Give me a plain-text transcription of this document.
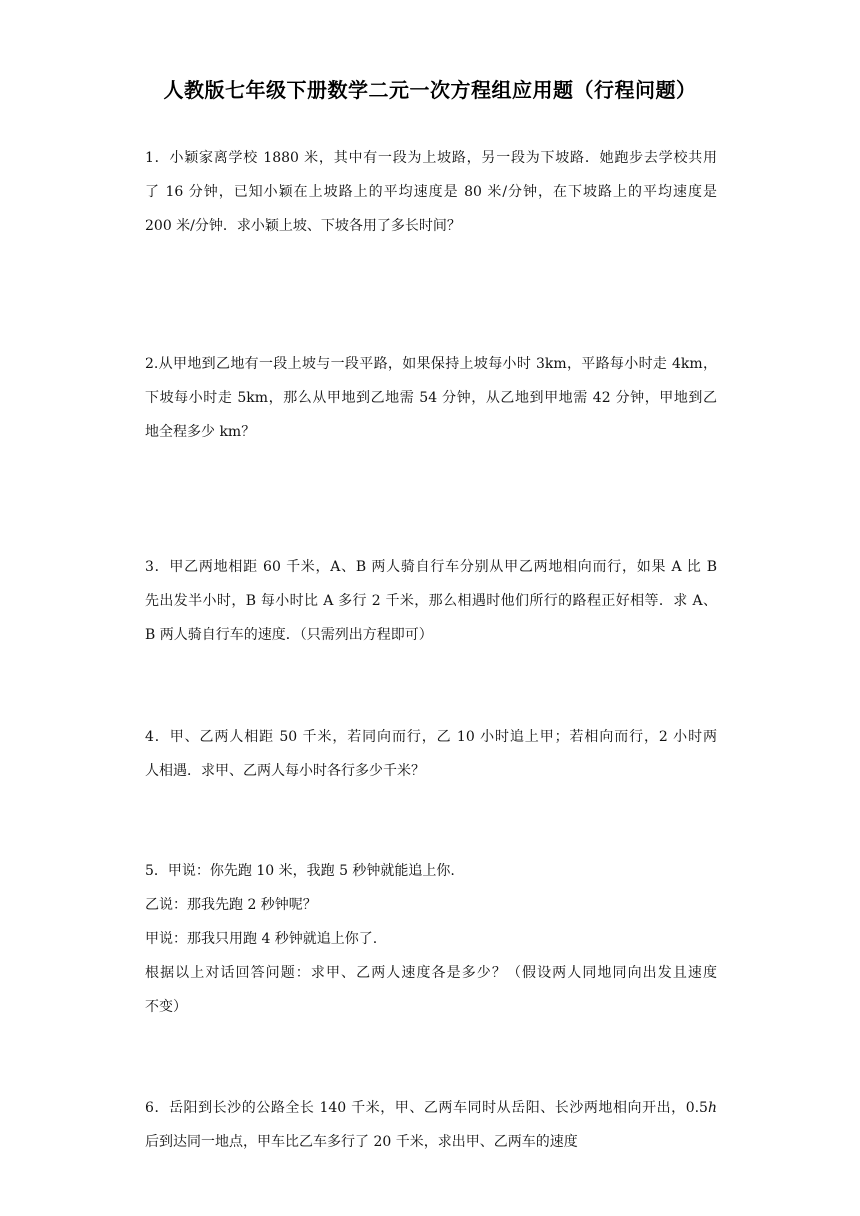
人教版七年级下册数学二元一次方程组应用题（行程问题）
1．小颖家离学校 1880 米，其中有一段为上坡路，另一段为下坡路．她跑步去学校共用
了 16 分钟，已知小颖在上坡路上的平均速度是 80 米/分钟，在下坡路上的平均速度是
200 米/分钟．求小颖上坡、下坡各用了多长时间？
2.从甲地到乙地有一段上坡与一段平路，如果保持上坡每小时 3km，平路每小时走 4km，
下坡每小时走 5km，那么从甲地到乙地需 54 分钟，从乙地到甲地需 42 分钟，甲地到乙
地全程多少 km？
3．甲乙两地相距 60 千米，A、B 两人骑自行车分别从甲乙两地相向而行，如果 A 比 B
先出发半小时，B 每小时比 A 多行 2 千米，那么相遇时他们所行的路程正好相等．求 A、
B 两人骑自行车的速度．（只需列出方程即可）
4．甲、乙两人相距 50 千米，若同向而行，乙 10 小时追上甲；若相向而行，2 小时两
人相遇．求甲、乙两人每小时各行多少千米？
5．甲说：你先跑 10 米，我跑 5 秒钟就能追上你.
乙说：那我先跑 2 秒钟呢？
甲说：那我只用跑 4 秒钟就追上你了.
根据以上对话回答问题：求甲、乙两人速度各是多少？（假设两人同地同向出发且速度
不变）
6．岳阳到长沙的公路全长 140 千米，甲、乙两车同时从岳阳、长沙两地相向开出，0.5h
后到达同一地点，甲车比乙车多行了 20 千米，求出甲、乙两车的速度
